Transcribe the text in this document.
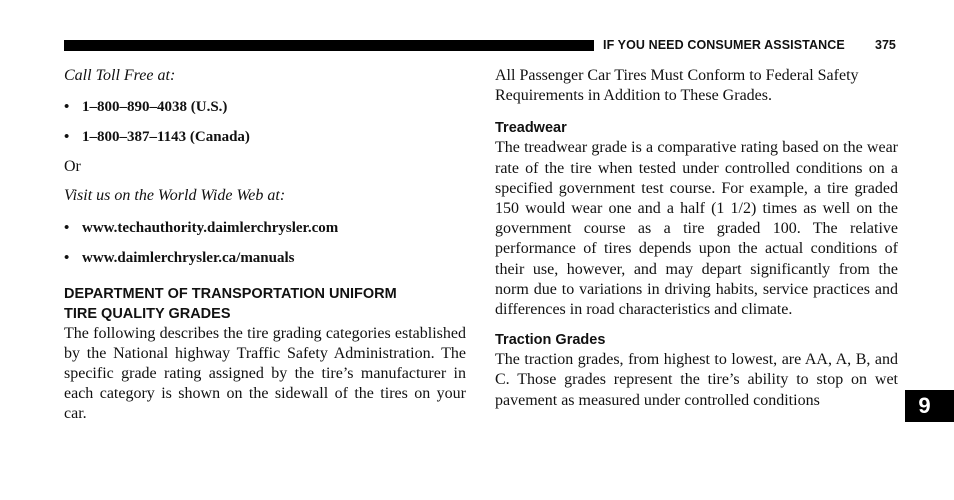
IF YOU NEED CONSUMER ASSISTANCE 375

Call Toll Free at:

• 1–800–890–4038 (U.S.)

• 1–800–387–1143 (Canada)

Or

Visit us on the World Wide Web at:

• www.techauthority.daimlerchrysler.com

• www.daimlerchrysler.ca/manuals

DEPARTMENT OF TRANSPORTATION UNIFORM

TIRE QUALITY GRADES

The following describes the tire grading categories established by the National highway Traffic Safety Administration. The specific grade rating assigned by the tire’s manufacturer in each category is shown on the sidewall of the tires on your car.

All Passenger Car Tires Must Conform to Federal Safety Requirements in Addition to These Grades.

Treadwear

The treadwear grade is a comparative rating based on the wear rate of the tire when tested under controlled conditions on a specified government test course. For example, a tire graded 150 would wear one and a half (1 1/2) times as well on the government course as a tire graded 100. The relative performance of tires depends upon the actual conditions of their use, however, and may depart significantly from the norm due to variations in driving habits, service practices and differences in road characteristics and climate.

Traction Grades

The traction grades, from highest to lowest, are AA, A, B, and C. Those grades represent the tire’s ability to stop on wet pavement as measured under controlled conditions	9
